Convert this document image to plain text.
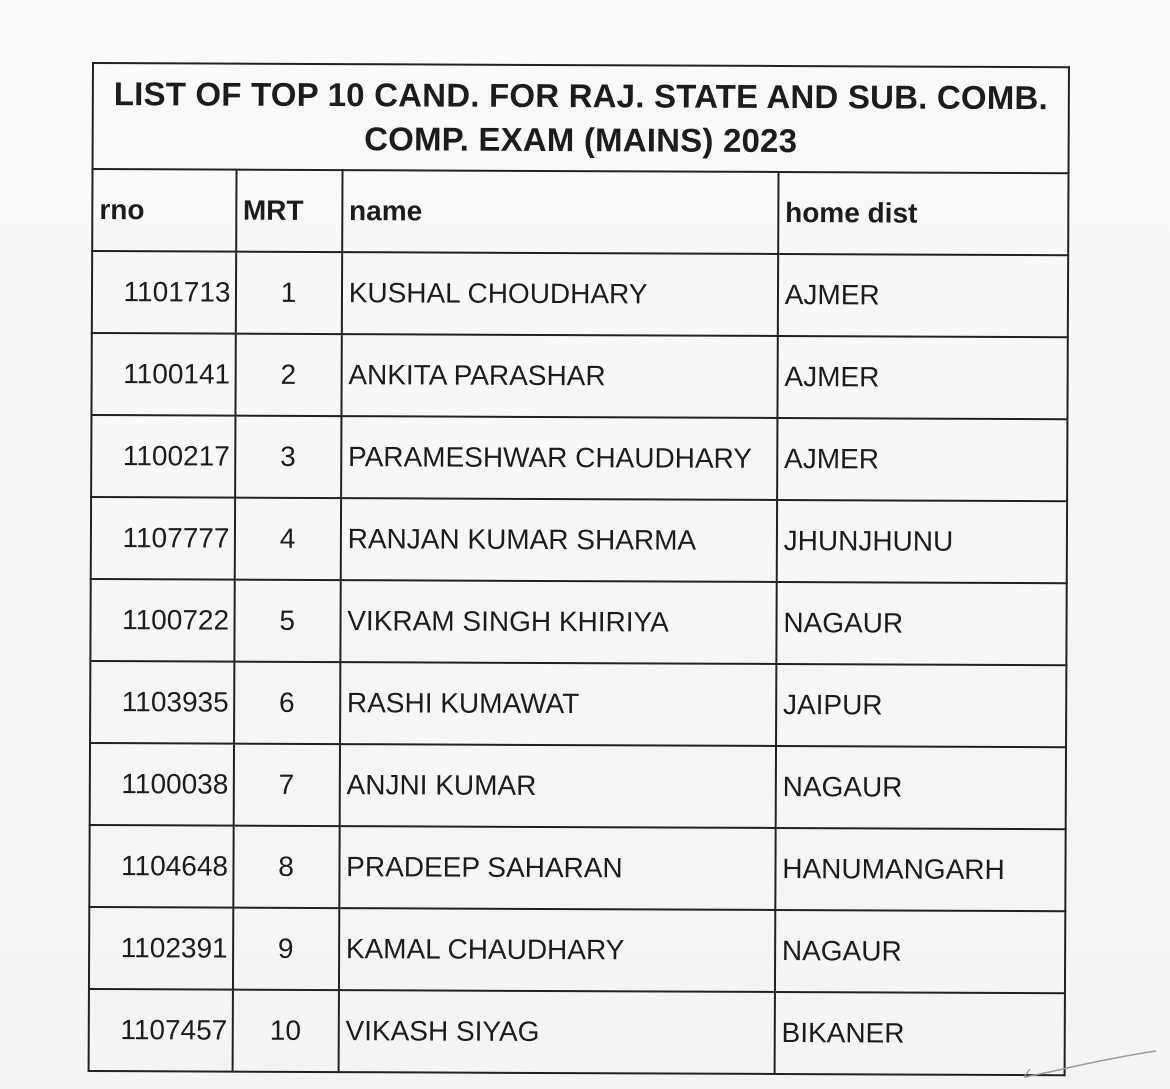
LIST OF TOP 10 CAND. FOR RAJ. STATE AND SUB. COMB.
COMP. EXAM (MAINS) 2023			

rno	MRT	name	home dist
1101713	1	KUSHAL CHOUDHARY	AJMER
1100141	2	ANKITA PARASHAR	AJMER
1100217	3	PARAMESHWAR CHAUDHARY	AJMER
1107777	4	RANJAN KUMAR SHARMA	JHUNJHUNU
1100722	5	VIKRAM SINGH KHIRIYA	NAGAUR
1103935	6	RASHI KUMAWAT	JAIPUR
1100038	7	ANJNI KUMAR	NAGAUR
1104648	8	PRADEEP SAHARAN	HANUMANGARH
1102391	9	KAMAL CHAUDHARY	NAGAUR
1107457	10	VIKASH SIYAG	BIKANER
